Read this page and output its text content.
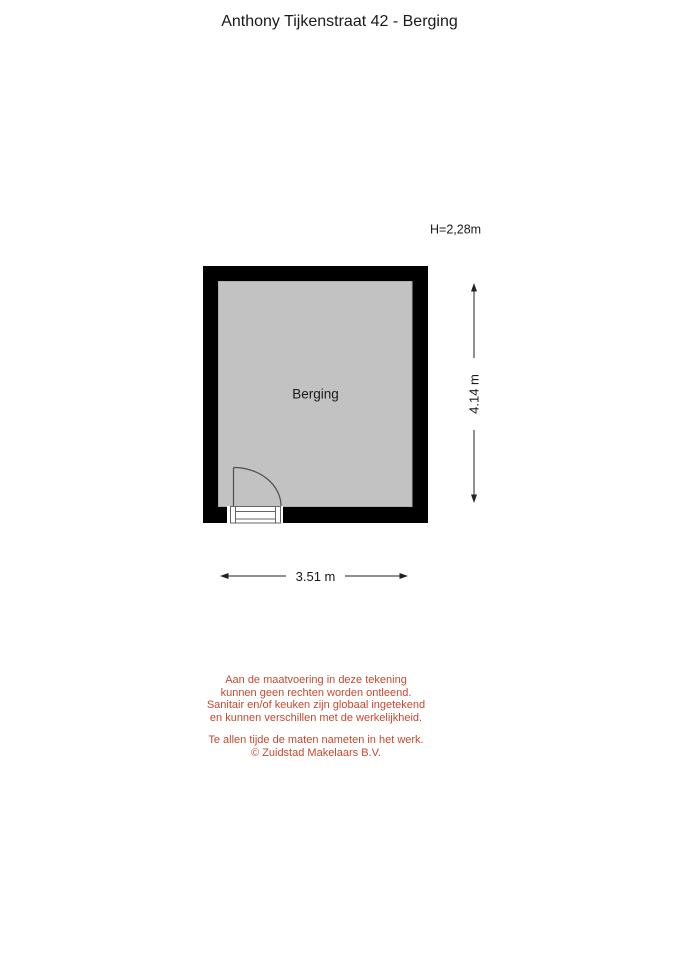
Anthony Tijkenstraat 42 - Berging
H=2,28m
Berging	4.14 m
3.51 m
Aan de maatvoering in deze tekening
kunnen geen rechten worden ontleend.
Sanitair en/of keuken zijn globaal ingetekend
en kunnen verschillen met de werkelijkheid.
Te allen tijde de maten nameten in het werk.
© Zuidstad Makelaars B.V.
